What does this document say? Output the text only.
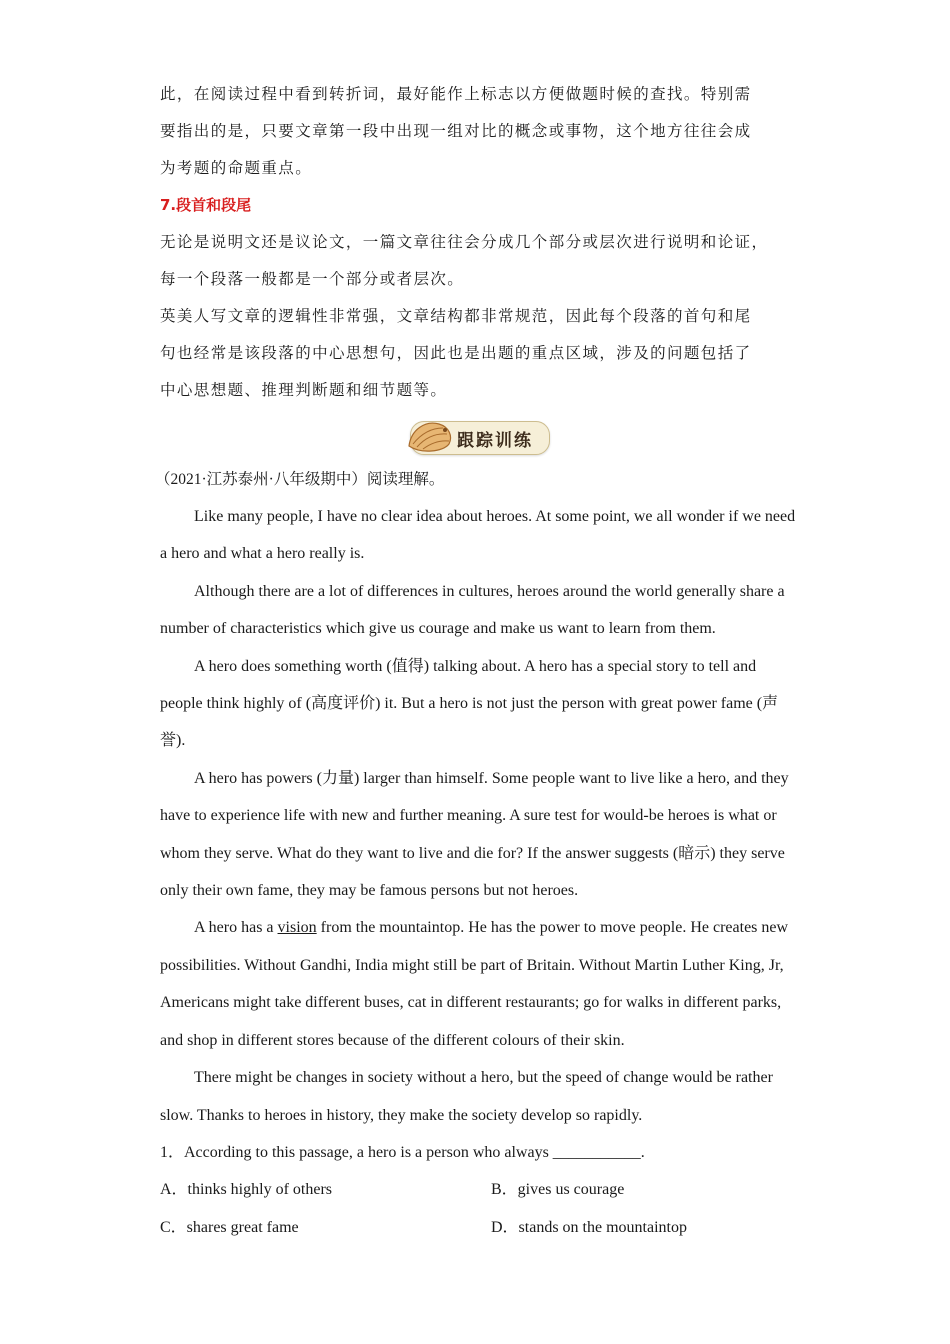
此，在阅读过程中看到转折词，最好能作上标志以方便做题时候的查找。特别需
要指出的是，只要文章第一段中出现一组对比的概念或事物，这个地方往往会成
为考题的命题重点。

7.段首和段尾

无论是说明文还是议论文，一篇文章往往会分成几个部分或层次进行说明和论证，
每一个段落一般都是一个部分或者层次。

英美人写文章的逻辑性非常强，文章结构都非常规范，因此每个段落的首句和尾
句也经常是该段落的中心思想句，因此也是出题的重点区域，涉及的问题包括了
中心思想题、推理判断题和细节题等。

跟踪训练

（2021·江苏泰州·八年级期中）阅读理解。

Like many people, I have no clear idea about heroes. At some point, we all wonder if we need a hero and what a hero really is.

Although there are a lot of differences in cultures, heroes around the world generally share a number of characteristics which give us courage and make us want to learn from them.

A hero does something worth (值得) talking about. A hero has a special story to tell and people think highly of (高度评价) it. But a hero is not just the person with great power fame (声誉).

A hero has powers (力量) larger than himself. Some people want to live like a hero, and they have to experience life with new and further meaning. A sure test for would-be heroes is what or whom they serve. What do they want to live and die for? If the answer suggests (暗示) they serve only their own fame, they may be famous persons but not heroes.

A hero has a vision from the mountaintop. He has the power to move people. He creates new possibilities. Without Gandhi, India might still be part of Britain. Without Martin Luther King, Jr, Americans might take different buses, cat in different restaurants; go for walks in different parks, and shop in different stores because of the different colours of their skin.

There might be changes in society without a hero, but the speed of change would be rather slow. Thanks to heroes in history, they make the society develop so rapidly.

1．According to this passage, a hero is a person who always ___________.

A．thinks highly of others	B．gives us courage
C．shares great fame	D．stands on the mountaintop
